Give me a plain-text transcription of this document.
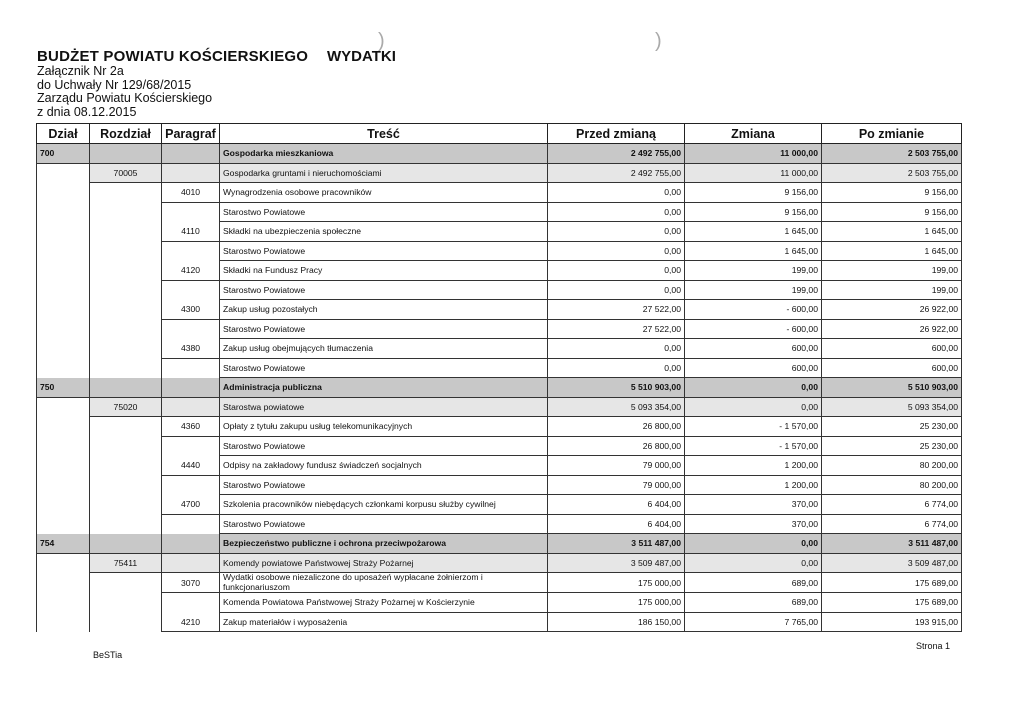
BUDŻET POWIATU KOŚCIERSKIEGO
Załącznik Nr 2a
do Uchwały Nr 129/68/2015
Zarządu Powiatu Kościerskiego
z dnia 08.12.2015
WYDATKI
)	)
Dział	Rozdział	Paragraf	Treść	Przed zmianą	Zmiana	Po zmianie
700			Gospodarka mieszkaniowa	2 492 755,00	11 000,00	2 503 755,00
	70005		Gospodarka gruntami i nieruchomościami	2 492 755,00	11 000,00	2 503 755,00
		4010	Wynagrodzenia osobowe pracowników	0,00	9 156,00	9 156,00
			Starostwo Powiatowe	0,00	9 156,00	9 156,00
		4110	Składki na ubezpieczenia społeczne	0,00	1 645,00	1 645,00
			Starostwo Powiatowe	0,00	1 645,00	1 645,00
		4120	Składki na Fundusz Pracy	0,00	199,00	199,00
			Starostwo Powiatowe	0,00	199,00	199,00
		4300	Zakup usług pozostałych	27 522,00	- 600,00	26 922,00
			Starostwo Powiatowe	27 522,00	- 600,00	26 922,00
		4380	Zakup usług obejmujących tłumaczenia	0,00	600,00	600,00
			Starostwo Powiatowe	0,00	600,00	600,00
750			Administracja publiczna	5 510 903,00	0,00	5 510 903,00
	75020		Starostwa powiatowe	5 093 354,00	0,00	5 093 354,00
		4360	Opłaty z tytułu zakupu usług telekomunikacyjnych	26 800,00	- 1 570,00	25 230,00
			Starostwo Powiatowe	26 800,00	- 1 570,00	25 230,00
		4440	Odpisy na zakładowy fundusz świadczeń socjalnych	79 000,00	1 200,00	80 200,00
			Starostwo Powiatowe	79 000,00	1 200,00	80 200,00
		4700	Szkolenia pracowników niebędących członkami korpusu służby cywilnej	6 404,00	370,00	6 774,00
			Starostwo Powiatowe	6 404,00	370,00	6 774,00
754			Bezpieczeństwo publiczne i ochrona przeciwpożarowa	3 511 487,00	0,00	3 511 487,00
	75411		Komendy powiatowe Państwowej Straży Pożarnej	3 509 487,00	0,00	3 509 487,00
		3070	Wydatki osobowe niezaliczone do uposażeń wypłacane żołnierzom i funkcjonariuszom	175 000,00	689,00	175 689,00
			Komenda Powiatowa Państwowej Straży Pożarnej w Kościerzynie	175 000,00	689,00	175 689,00
		4210	Zakup materiałów i wyposażenia	186 150,00	7 765,00	193 915,00
BeSTia
Strona 1
